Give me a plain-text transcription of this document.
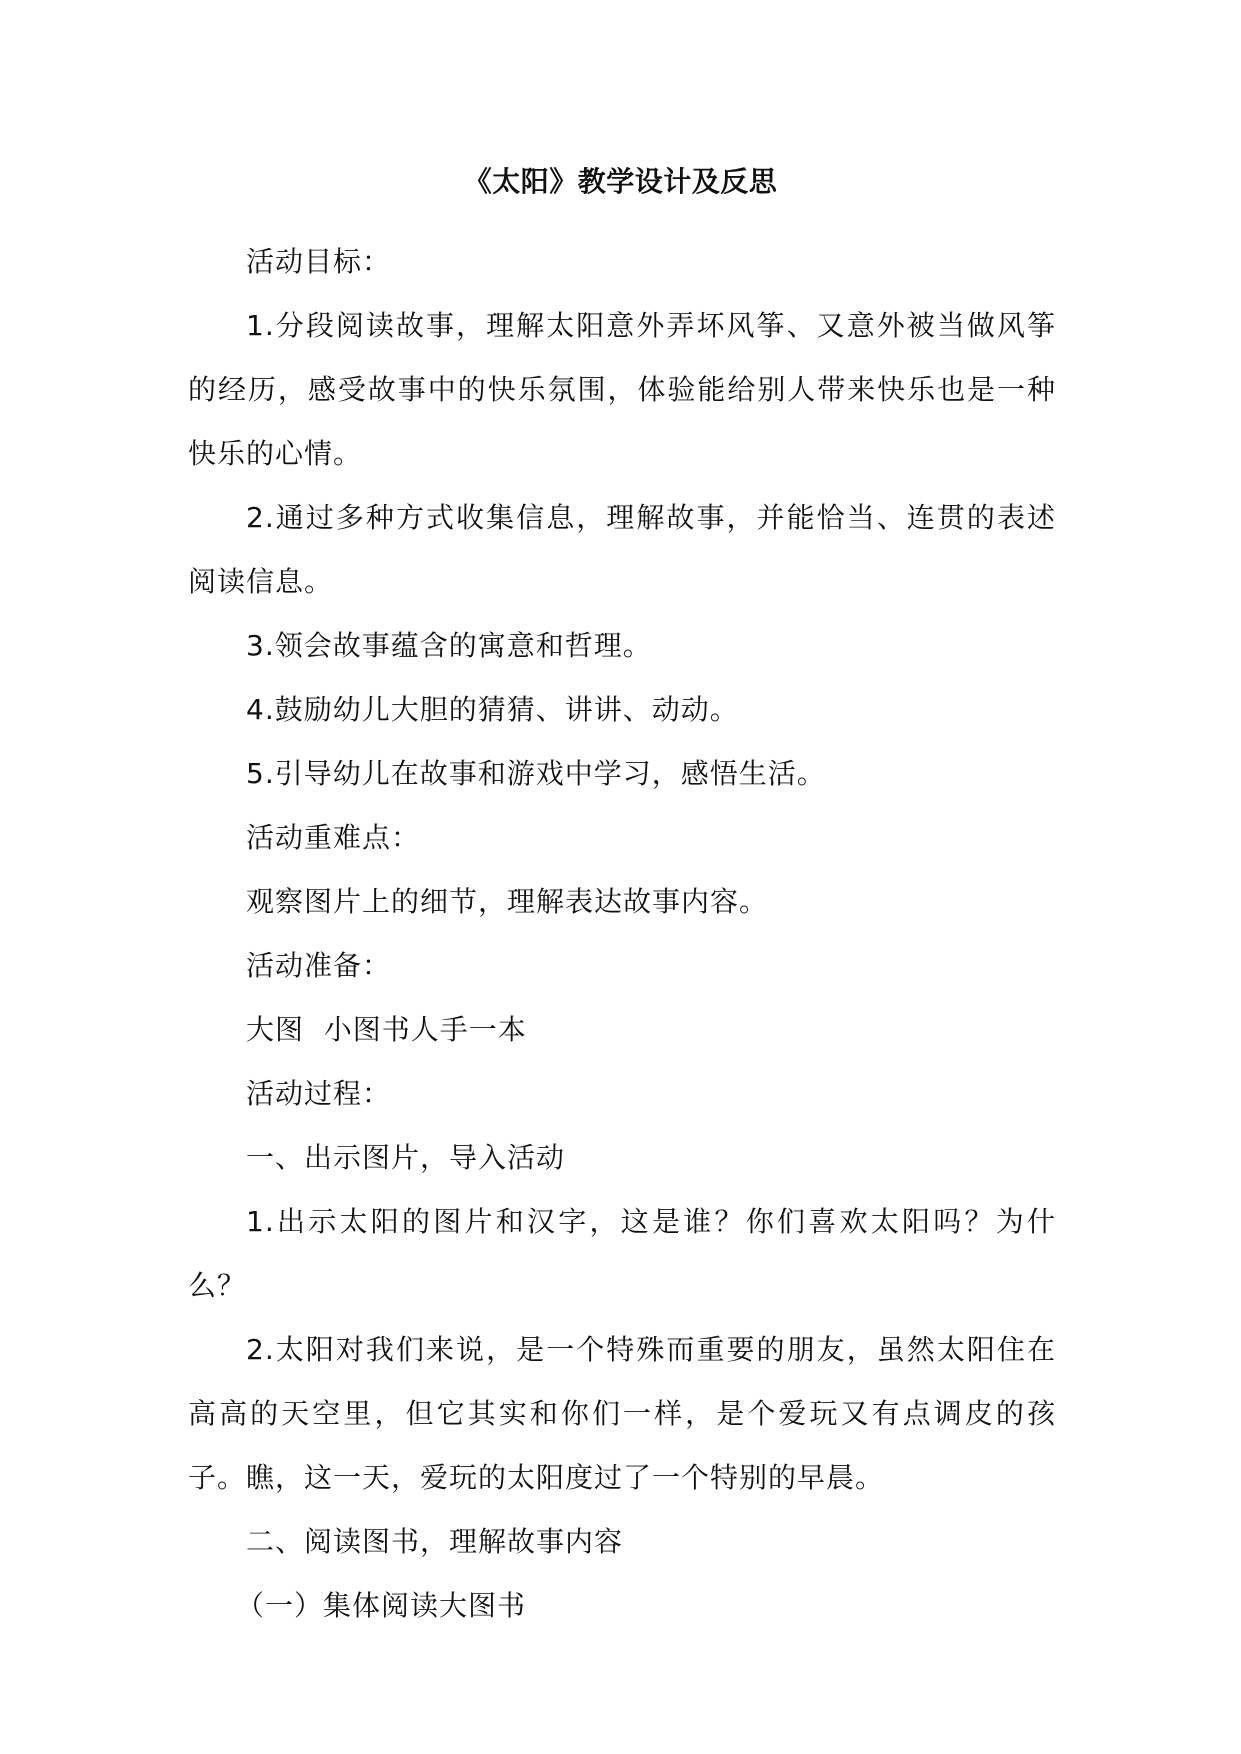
《太阳》教学设计及反思

活动目标：

1.分段阅读故事，理解太阳意外弄坏风筝、又意外被当做风筝的经历，感受故事中的快乐氛围，体验能给别人带来快乐也是一种快乐的心情。

2.通过多种方式收集信息，理解故事，并能恰当、连贯的表述阅读信息。

3.领会故事蕴含的寓意和哲理。

4.鼓励幼儿大胆的猜猜、讲讲、动动。

5.引导幼儿在故事和游戏中学习，感悟生活。

活动重难点：

观察图片上的细节，理解表达故事内容。

活动准备：

大图  小图书人手一本

活动过程：

一、出示图片，导入活动

1.出示太阳的图片和汉字，这是谁？你们喜欢太阳吗？为什么？

2.太阳对我们来说，是一个特殊而重要的朋友，虽然太阳住在高高的天空里，但它其实和你们一样，是个爱玩又有点调皮的孩子。瞧，这一天，爱玩的太阳度过了一个特别的早晨。

二、阅读图书，理解故事内容

（一）集体阅读大图书
